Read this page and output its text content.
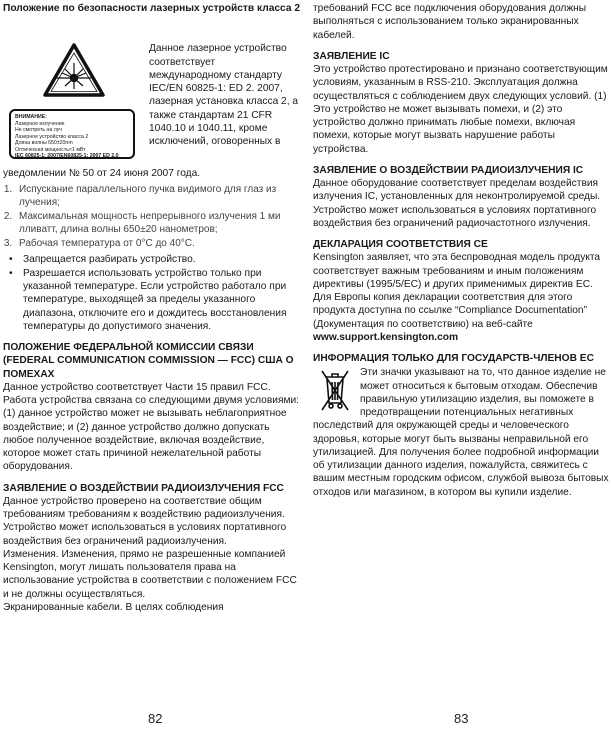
Положение по безопасности лазерных устройств класса 2

ВНИМАНИЕ:
Лазерное излучение
Не смотреть на луч
Лазерное устройство класса 2
Длина волны 650±20nm
Оптическая мощность<1 мВт
IEC 60825-1: 2007/EN60825-1: 2007 ED 2.0

Данное лазерное устройство соответствует международному стандарту IEC/EN 60825-1: ED 2. 2007, лазерная установка класса 2, а также стандартам 21 CFR 1040.10 и 1040.11, кроме исключений, оговоренных в

уведомлении № 50 от 24 июня 2007 года.

1. Испускание параллельного пучка видимого для глаз из лучения;
2. Максимальная мощность непрерывного излучения 1 ми лливатт, длина волны 650±20 нанометров;
3. Рабочая температура от 0°C до 40°C.
• Запрещается разбирать устройство.
• Разрешается использовать устройство только при указанной температуре. Если устройство работало при температуре, выходящей за пределы указанного диапазона, отключите его и дождитесь восстановления температуры до допустимого значения.

ПОЛОЖЕНИЕ ФЕДЕРАЛЬНОЙ КОМИССИИ СВЯЗИ (FEDERAL COMMUNICATION COMMISSION — FCC) США О ПОМЕХАХ

Данное устройство соответствует Части 15 правил FCC. Работа устройства связана со следующими двумя условиями: (1) данное устройство может не вызывать неблагоприятное воздействие; и (2) данное устройство должно допускать любое полученное воздействие, включая воздействие, которое может стать причиной нежелательной работы оборудования.

ЗАЯВЛЕНИЕ О ВОЗДЕЙСТВИИ РАДИОИЗЛУЧЕНИЯ FCC

Данное устройство проверено на соответствие общим требованиям требованиям к воздействию радиоизлучения. Устройство может использоваться в условиях портативного воздействия без ограничений радиоизлучения.

Изменения. Изменения, прямо не разрешенные компанией Kensington, могут лишать пользователя права на использование устройства в соответствии с положением FCC и не должны осуществляться.

Экранированные кабели. В целях соблюдения

требований FCC все подключения оборудования должны выполняться с использованием только экранированных кабелей.

ЗАЯВЛЕНИЕ IC

Это устройство протестировано и признано соответствующим условиям, указанным в RSS-210. Эксплуатация должна осуществляться с соблюдением двух следующих условий. (1) Это устройство не может вызывать помехи, и (2) это устройство должно принимать любые помехи, включая помехи, которые могут вызвать нарушение работы устройства.

ЗАЯВЛЕНИЕ О ВОЗДЕЙСТВИИ РАДИОИЗЛУЧЕНИЯ IC

Данное оборудование соответствует пределам воздействия излучения IC, установленных для неконтролируемой среды. Устройство может использоваться в условиях портативного воздействия без ограничений радиочастотного излучения.

ДЕКЛАРАЦИЯ СООТВЕТСТВИЯ CE

Kensington заявляет, что эта беспроводная модель продукта соответствует важным требованиям и иным положениям директивы (1995/5/EC) и других применимых директив ЕС.

Для Европы копия декларации соответствия для этого продукта доступна по ссылке “Compliance Documentation” (Документация по соответствию) на веб-сайте www.support.kensington.com

ИНФОРМАЦИЯ ТОЛЬКО ДЛЯ ГОСУДАРСТВ-ЧЛЕНОВ ЕС

Эти значки указывают на то, что данное изделие не может относиться к бытовым отходам. Обеспечив правильную утилизацию изделия, вы поможете в предотвращении потенциальных негативных последствий для окружающей среды и человеческого здоровья, которые могут быть вызваны неправильной его утилизацией. Для получения более подробной информации об утилизации данного изделия, пожалуйста, свяжитесь с вашим местным городским офисом, службой вывоза бытовых отходов или магазином, в котором вы купили изделие.

82	83
